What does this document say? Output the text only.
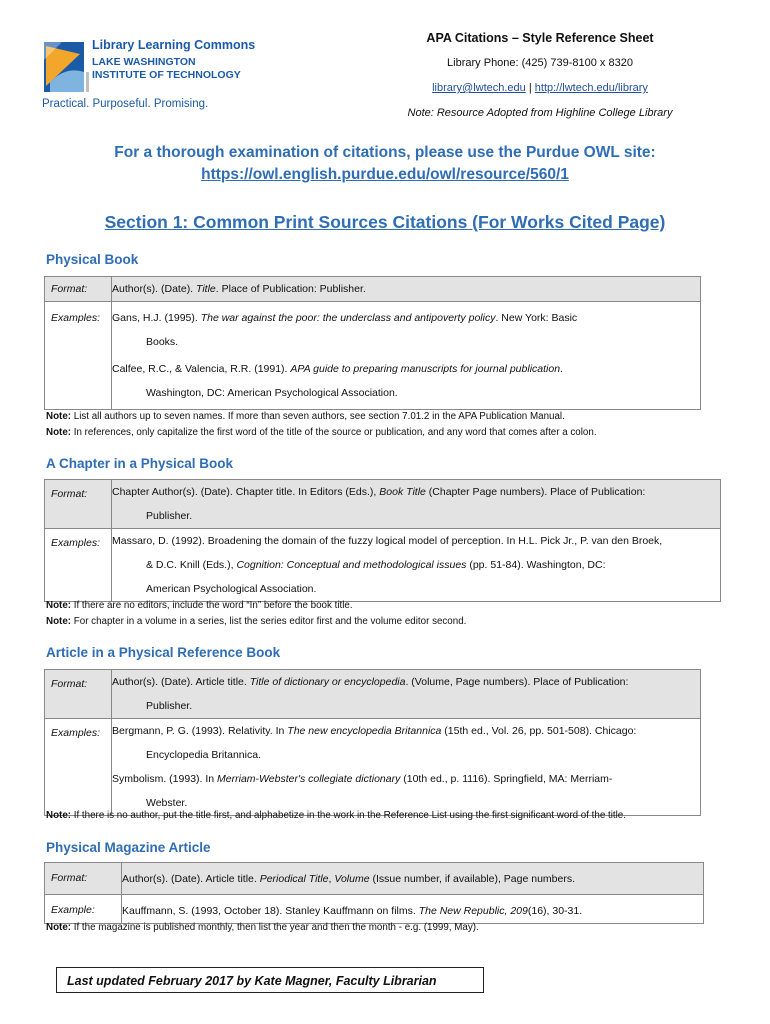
Library Learning Commons
LAKE WASHINGTON
INSTITUTE OF TECHNOLOGY
Practical. Purposeful. Promising.
APA Citations – Style Reference Sheet
Library Phone: (425) 739-8100 x 8320
library@lwtech.edu | http://lwtech.edu/library
Note: Resource Adopted from Highline College Library
For a thorough examination of citations, please use the Purdue OWL site:
https://owl.english.purdue.edu/owl/resource/560/1
Section 1: Common Print Sources Citations (For Works Cited Page)
Physical Book
Format:	Author(s). (Date). Title. Place of Publication: Publisher.

Examples:	Gans, H.J. (1995). The war against the poor: the underclass and antipoverty policy. New York: Basic
Books.
Calfee, R.C., & Valencia, R.R. (1991). APA guide to preparing manuscripts for journal publication.
Washington, DC: American Psychological Association.
Note: List all authors up to seven names. If more than seven authors, see section 7.01.2 in the APA Publication Manual.
Note: In references, only capitalize the first word of the title of the source or publication, and any word that comes after a colon.
A Chapter in a Physical Book
Format:	Chapter Author(s). (Date). Chapter title. In Editors (Eds.), Book Title (Chapter Page numbers). Place of Publication:
Publisher.

Examples:	Massaro, D. (1992). Broadening the domain of the fuzzy logical model of perception. In H.L. Pick Jr., P. van den Broek,
& D.C. Knill (Eds.), Cognition: Conceptual and methodological issues (pp. 51-84). Washington, DC:
American Psychological Association.
Note: If there are no editors, include the word “In” before the book title.
Note: For chapter in a volume in a series, list the series editor first and the volume editor second.
Article in a Physical Reference Book
Format:	Author(s). (Date). Article title. Title of dictionary or encyclopedia. (Volume, Page numbers). Place of Publication:
Publisher.

Examples:	Bergmann, P. G. (1993). Relativity. In The new encyclopedia Britannica (15th ed., Vol. 26, pp. 501-508). Chicago:
Encyclopedia Britannica.
Symbolism. (1993). In Merriam-Webster's collegiate dictionary (10th ed., p. 1116). Springfield, MA: Merriam-
Webster.
Note: If there is no author, put the title first, and alphabetize in the work in the Reference List using the first significant word of the title.
Physical Magazine Article
Format:	Author(s). (Date). Article title. Periodical Title, Volume (Issue number, if available), Page numbers.

Example:	Kauffmann, S. (1993, October 18). Stanley Kauffmann on films. The New Republic, 209(16), 30-31.
Note: If the magazine is published monthly, then list the year and then the month - e.g. (1999, May).
Last updated February 2017 by Kate Magner, Faculty Librarian
